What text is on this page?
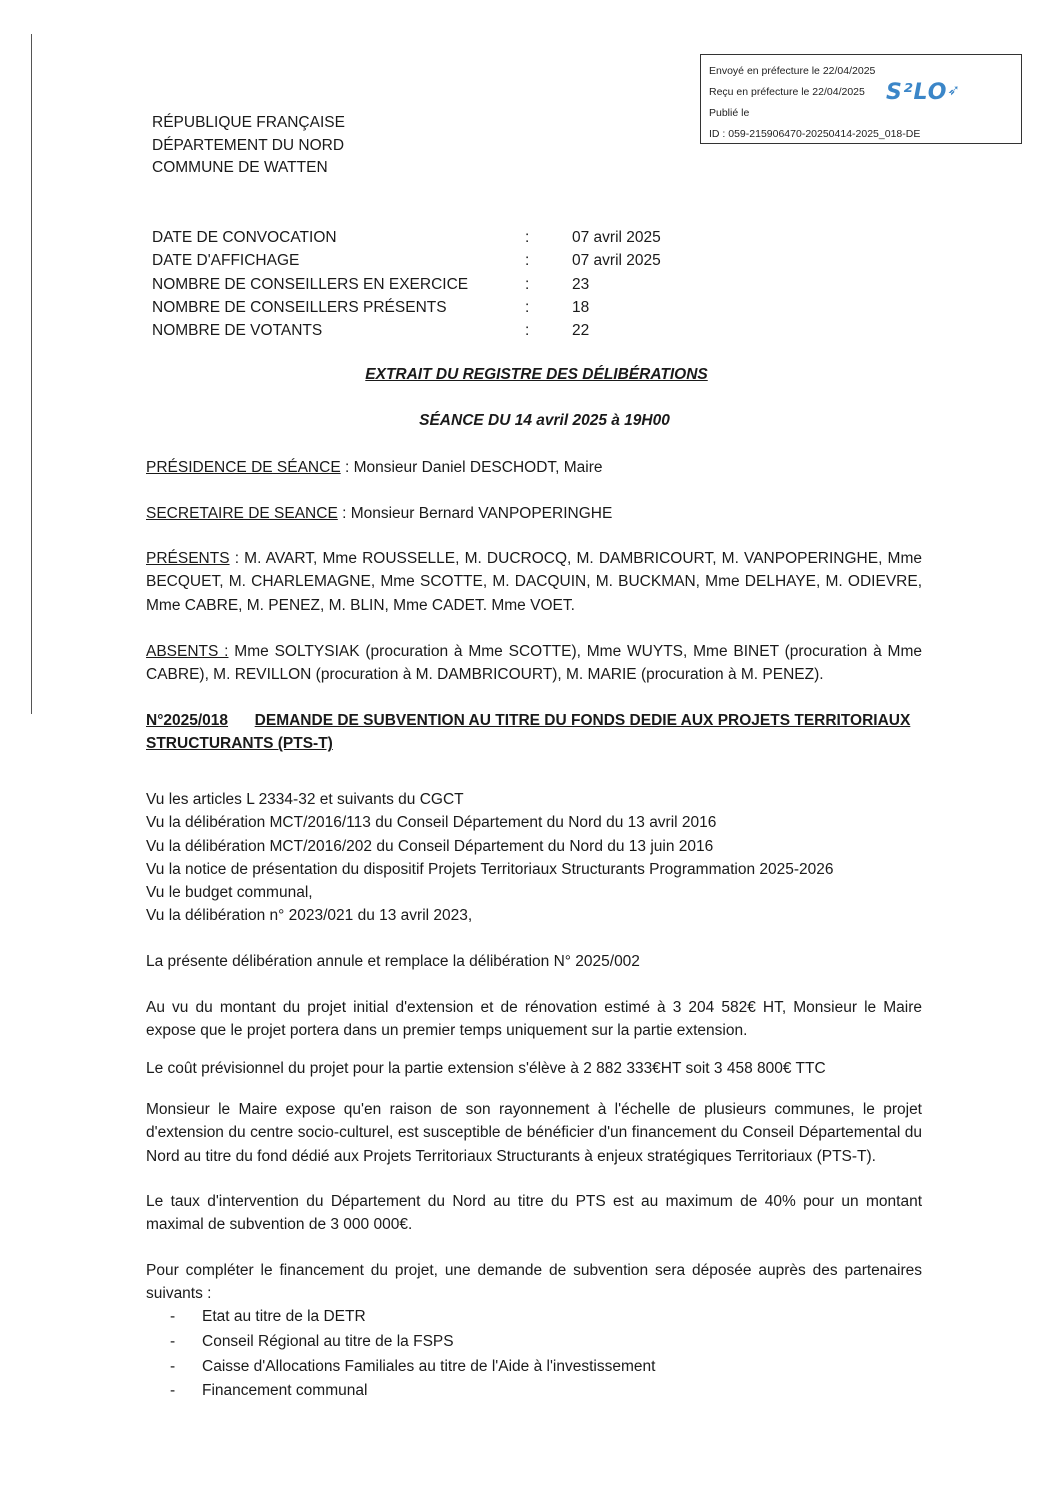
Envoyé en préfecture le 22/04/2025
Reçu en préfecture le 22/04/2025
Publié le
ID : 059-215906470-20250414-2025_018-DE
S²LO➶
RÉPUBLIQUE FRANÇAISE
DÉPARTEMENT DU NORD
COMMUNE DE WATTEN
DATE DE CONVOCATION	:	07 avril 2025
DATE D'AFFICHAGE	:	07 avril 2025
NOMBRE DE CONSEILLERS EN EXERCICE	:	23
NOMBRE DE CONSEILLERS PRÉSENTS	:	18
NOMBRE DE VOTANTS	:	22
EXTRAIT DU REGISTRE DES DÉLIBÉRATIONS
SÉANCE DU 14 avril 2025 à 19H00
PRÉSIDENCE DE SÉANCE : Monsieur Daniel DESCHODT, Maire
SECRETAIRE DE SEANCE : Monsieur Bernard VANPOPERINGHE
PRÉSENTS : M. AVART, Mme ROUSSELLE, M. DUCROCQ, M. DAMBRICOURT, M. VANPOPERINGHE, Mme BECQUET, M. CHARLEMAGNE, Mme SCOTTE, M. DACQUIN, M. BUCKMAN, Mme DELHAYE, M. ODIEVRE, Mme CABRE, M. PENEZ, M. BLIN, Mme CADET. Mme VOET.
ABSENTS : Mme SOLTYSIAK (procuration à Mme SCOTTE), Mme WUYTS, Mme BINET (procuration à Mme CABRE), M. REVILLON (procuration à M. DAMBRICOURT), M. MARIE (procuration à M. PENEZ).
N°2025/018 DEMANDE DE SUBVENTION AU TITRE DU FONDS DEDIE AUX PROJETS TERRITORIAUX STRUCTURANTS (PTS-T)
Vu les articles L 2334-32 et suivants du CGCT
Vu la délibération MCT/2016/113 du Conseil Département du Nord du 13 avril 2016
Vu la délibération MCT/2016/202 du Conseil Département du Nord du 13 juin 2016
Vu la notice de présentation du dispositif Projets Territoriaux Structurants Programmation 2025-2026
Vu le budget communal,
Vu la délibération n° 2023/021 du 13 avril 2023,
La présente délibération annule et remplace la délibération N° 2025/002
Au vu du montant du projet initial d'extension et de rénovation estimé à 3 204 582€ HT, Monsieur le Maire expose que le projet portera dans un premier temps uniquement sur la partie extension.
Le coût prévisionnel du projet pour la partie extension s'élève à 2 882 333€HT soit 3 458 800€ TTC
Monsieur le Maire expose qu'en raison de son rayonnement à l'échelle de plusieurs communes, le projet d'extension du centre socio-culturel, est susceptible de bénéficier d'un financement du Conseil Départemental du Nord au titre du fond dédié aux Projets Territoriaux Structurants à enjeux stratégiques Territoriaux (PTS-T).
Le taux d'intervention du Département du Nord au titre du PTS est au maximum de 40% pour un montant maximal de subvention de 3 000 000€.
Pour compléter le financement du projet, une demande de subvention sera déposée auprès des partenaires suivants :
- Etat au titre de la DETR
- Conseil Régional au titre de la FSPS
- Caisse d'Allocations Familiales au titre de l'Aide à l'investissement
- Financement communal
